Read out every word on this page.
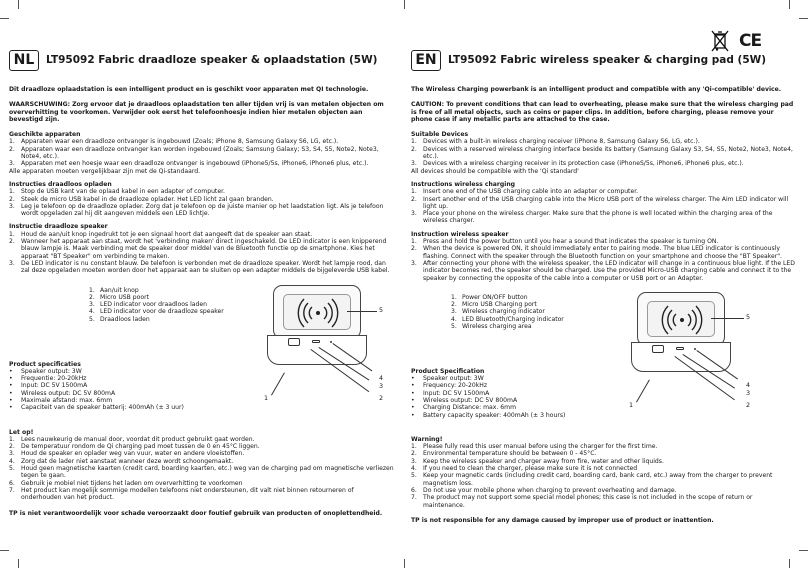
CE
NL	LT95092 Fabric draadloze speaker & oplaadstation (5W)
Dit draadloze oplaadstation is een intelligent product en is geschikt voor apparaten met QI technologie.
WAARSCHUWING: Zorg ervoor dat je draadloos oplaadstation ten aller tijden vrij is van metalen objecten om oververhitting te voorkomen. Verwijder ook eerst het telefoonhoesje indien hier metalen objecten aan bevestigd zijn.
Geschikte apparaten
1.	Apparaten waar een draadloze ontvanger is ingebouwd (Zoals; iPhone 8, Samsung Galaxy S6, LG, etc.).
2.	Apparaten waar een draadloze ontvanger kan worden ingebouwd (Zoals; Samsung Galaxy; S3, S4, S5, Note2, Note3, Note4, etc.).
3.	Apparaten met een hoesje waar een draadloze ontvanger is ingebouwd (iPhone5/5s, iPhone6, iPhone6 plus, etc.).
Alle apparaten moeten vergelijkbaar zijn met de Qi-standaard.
Instructies draadloos opladen
1.	Stop de USB kant van de oplaad kabel in een adapter of computer.
2.	Steek de micro USB kabel in de draadloze oplader. Het LED licht zal gaan branden.
3.	Leg je telefoon op de draadloze oplader. Zorg dat je telefoon op de juiste manier op het laadstation ligt. Als je telefoon wordt opgeladen zal hij dit aangeven middels een LED lichtje.
Instructie draadloze speaker
1.	Houd de aan/uit knop ingedrukt tot je een signaal hoort dat aangeeft dat de speaker aan staat.
2.	Wanneer het apparaat aan staat, wordt het 'verbinding maken' direct ingeschakeld. De LED indicator is een knipperend blauw lampje is. Maak verbinding met de speaker door middel van de Bluetooth functie op de smartphone. Kies het apparaat "BT Speaker" om verbinding te maken.
3.	De LED indicator is nu constant blauw. De telefoon is verbonden met de draadloze speaker. Wordt het lampje rood, dan zal deze opgeladen moeten worden door het apparaat aan te sluiten op een adapter middels de bijgeleverde USB kabel.
1. Aan/uit knop
2. Micro USB poort
3. LED indicator voor draadloos laden
4. LED indicator voor de draadloze speaker
5. Draadloos laden
5
4
3
2
1
Product specificaties
•	Speaker output: 3W
•	Frequentie: 20-20kHz
•	Input: DC 5V 1500mA
•	Wireless output: DC 5V 800mA
•	Maximale afstand: max. 6mm
•	Capaciteit van de speaker batterij: 400mAh (± 3 uur)
Let op!
1.	Lees nauwkeurig de manual door, voordat dit product gebruikt gaat worden.
2.	De temperatuur rondom de Qi charging pad moet tussen de 0 en 45°C liggen.
3.	Houd de speaker en oplader weg van vuur, water en andere vloeistoffen.
4.	Zorg dat de lader niet aanstaat wanneer deze wordt schoongemaakt.
5.	Houd geen magnetische kaarten (credit card, boarding kaarten, etc.) weg van de charging pad om magnetische verliezen tegen te gaan.
6.	Gebruik je mobiel niet tijdens het laden om oververhitting te voorkomen
7.	Het product kan mogelijk sommige modellen telefoons niet ondersteunen, dit valt niet binnen retourneren of onderhouden van het product.
TP is niet verantwoordelijk voor schade veroorzaakt door foutief gebruik van producten of onoplettendheid.
EN	LT95092 Fabric wireless speaker & charging pad (5W)
The Wireless Charging powerbank is an intelligent product and compatible with any 'Qi-compatible' device.
CAUTION: To prevent conditions that can lead to overheating, please make sure that the wireless charging pad is free of all metal objects, such as coins or paper clips. In addition, before charging, please remove your phone case if any metallic parts are attached to the case.
Suitable Devices
1.	Devices with a built-in wireless charging receiver (iPhone 8, Samsung Galaxy S6, LG, etc.).
2.	Devices with a reserved wireless charging interface beside its battery (Samsung Galaxy S3, S4, S5, Note2, Note3, Note4, etc.).
3.	Devices with a wireless charging receiver in its protection case (iPhoneS/5s, iPhone6, iPhone6 plus, etc.).
All devices should be compatible with the 'Qi standard'
Instructions wireless charging
1.	Insert one end of the USB charging cable into an adapter or computer.
2.	Insert another end of the USB charging cable into the Micro USB port of the wireless charger. The Aim LED indicator will light up.
3.	Place your phone on the wireless charger. Make sure that the phone is well located within the charging area of the wireless charger.
Instruction wireless speaker
1.	Press and hold the power button until you hear a sound that indicates the speaker is turning ON.
2.	When the device is powered ON, it should immediately enter to pairing mode. The blue LED indicator is continuously flashing. Connect with the speaker through the Bluetooth function on your smartphone and choose the "BT Speaker".
3.	After connecting your phone with the wireless speaker, the LED indicator will change in a continuous blue light. If the LED indicator becomes red, the speaker should be charged. Use the provided Micro-USB charging cable and connect it to the speaker by connecting the opposite of the cable into a computer or USB port or an Adapter.
1. Power ON/OFF button
2. Micro USB Charging port
3. Wireless charging indicator
4. LED Bluetooth/Charging indicator
5. Wireless charging area
5
4
3
2
1
Product Specification
•	Speaker output: 3W
•	Frequency: 20-20kHz
•	Input: DC 5V 1500mA
•	Wireless output: DC 5V 800mA
•	Charging Distance: max. 6mm
•	Battery capacity speaker: 400mAh (± 3 hours)
Warning!
1.	Please fully read this user manual before using the charger for the first time.
2.	Environmental temperature should be between 0 - 45°C.
3.	Keep the wireless speaker and charger away from fire, water and other liquids.
4.	If you need to clean the charger, please make sure it is not connected
5.	Keep your magnetic cards (including credit card, boarding card, bank card, etc.) away from the charger to prevent magnetism loss.
6.	Do not use your mobile phone when charging to prevent overheating and damage.
7.	The product may not support some special model phones; this case is not included in the scope of return or maintenance.
TP is not responsible for any damage caused by improper use of product or inattention.
